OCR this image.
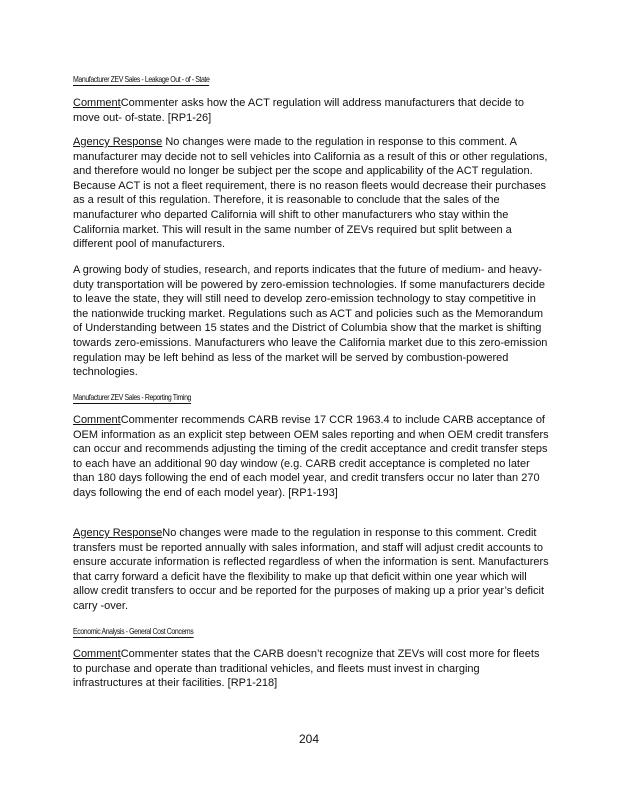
Manufacturer ZEV Sales - Leakage Out - of - State

CommentCommenter asks how the ACT regulation will address manufacturers that decide to move out- of-state. [RP1-26]

Agency Response No changes were made to the regulation in response to this comment. A manufacturer may decide not to sell vehicles into California as a result of this or other regulations, and therefore would no longer be subject per the scope and applicability of the ACT regulation. Because ACT is not a fleet requirement, there is no reason fleets would decrease their purchases as a result of this regulation. Therefore, it is reasonable to conclude that the sales of the manufacturer who departed California will shift to other manufacturers who stay within the California market. This will result in the same number of ZEVs required but split between a different pool of manufacturers.

A growing body of studies, research, and reports indicates that the future of medium- and heavy-duty transportation will be powered by zero-emission technologies. If some manufacturers decide to leave the state, they will still need to develop zero-emission technology to stay competitive in the nationwide trucking market. Regulations such as ACT and policies such as the Memorandum of Understanding between 15 states and the District of Columbia show that the market is shifting towards zero-emissions. Manufacturers who leave the California market due to this zero-emission regulation may be left behind as less of the market will be served by combustion-powered technologies.

Manufacturer ZEV Sales - Reporting Timing

CommentCommenter recommends CARB revise 17 CCR 1963.4 to include CARB acceptance of OEM information as an explicit step between OEM sales reporting and when OEM credit transfers can occur and recommends adjusting the timing of the credit acceptance and credit transfer steps to each have an additional 90 day window (e.g. CARB credit acceptance is completed no later than 180 days following the end of each model year, and credit transfers occur no later than 270 days following the end of each model year). [RP1-193]

Agency ResponseNo changes were made to the regulation in response to this comment. Credit transfers must be reported annually with sales information, and staff will adjust credit accounts to ensure accurate information is reflected regardless of when the information is sent. Manufacturers that carry forward a deficit have the flexibility to make up that deficit within one year which will allow credit transfers to occur and be reported for the purposes of making up a prior year’s deficit carry -over.

Economic Analysis - General Cost Concerns

CommentCommenter states that the CARB doesn’t recognize that ZEVs will cost more for fleets to purchase and operate than traditional vehicles, and fleets must invest in charging infrastructures at their facilities. [RP1-218]

204
